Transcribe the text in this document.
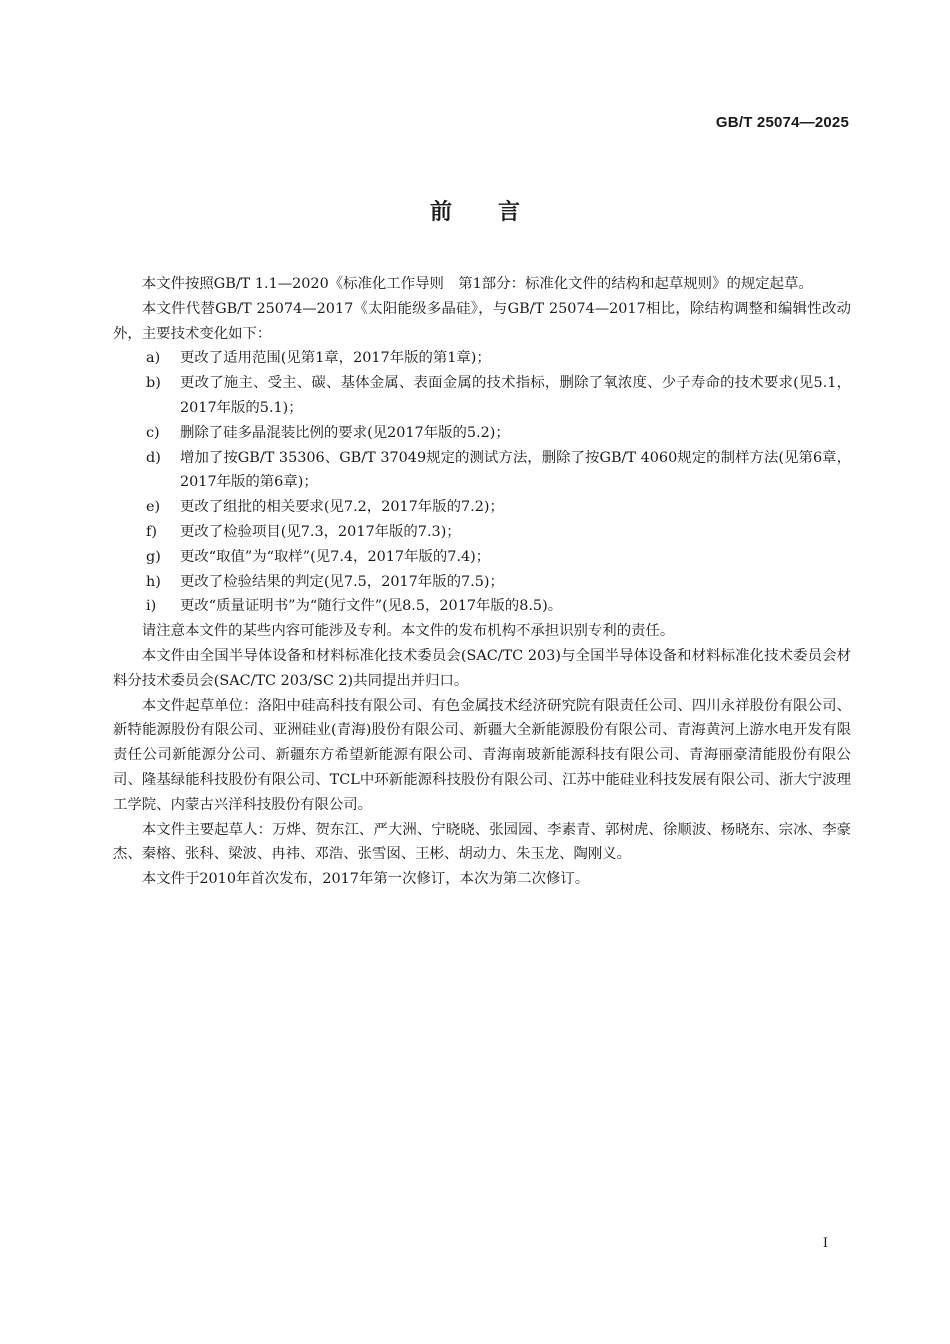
GB/T 25074—2025
前言

本文件按照GB/T 1.1—2020《标准化工作导则　第1部分：标准化文件的结构和起草规则》的规定起草。

本文件代替GB/T 25074—2017《太阳能级多晶硅》，与GB/T 25074—2017相比，除结构调整和编辑性改动外，主要技术变化如下：

a)	更改了适用范围(见第1章，2017年版的第1章)；
b)	更改了施主、受主、碳、基体金属、表面金属的技术指标，删除了氧浓度、少子寿命的技术要求(见5.1，2017年版的5.1)；
c)	删除了硅多晶混装比例的要求(见2017年版的5.2)；
d)	增加了按GB/T 35306、GB/T 37049规定的测试方法，删除了按GB/T 4060规定的制样方法(见第6章，2017年版的第6章)；
e)	更改了组批的相关要求(见7.2，2017年版的7.2)；
f)	更改了检验项目(见7.3，2017年版的7.3)；
g)	更改“取值”为“取样”(见7.4，2017年版的7.4)；
h)	更改了检验结果的判定(见7.5，2017年版的7.5)；
i)	更改“质量证明书”为“随行文件”(见8.5，2017年版的8.5)。

请注意本文件的某些内容可能涉及专利。本文件的发布机构不承担识别专利的责任。

本文件由全国半导体设备和材料标准化技术委员会(SAC/TC 203)与全国半导体设备和材料标准化技术委员会材料分技术委员会(SAC/TC 203/SC 2)共同提出并归口。

本文件起草单位：洛阳中硅高科技有限公司、有色金属技术经济研究院有限责任公司、四川永祥股份有限公司、新特能源股份有限公司、亚洲硅业(青海)股份有限公司、新疆大全新能源股份有限公司、青海黄河上游水电开发有限责任公司新能源分公司、新疆东方希望新能源有限公司、青海南玻新能源科技有限公司、青海丽豪清能股份有限公司、隆基绿能科技股份有限公司、TCL中环新能源科技股份有限公司、江苏中能硅业科技发展有限公司、浙大宁波理工学院、内蒙古兴洋科技股份有限公司。

本文件主要起草人：万烨、贺东江、严大洲、宁晓晓、张园园、李素青、郭树虎、徐顺波、杨晓东、宗冰、李豪杰、秦榕、张科、梁波、冉祎、邓浩、张雪囡、王彬、胡动力、朱玉龙、陶刚义。

本文件于2010年首次发布，2017年第一次修订，本次为第二次修订。

I
